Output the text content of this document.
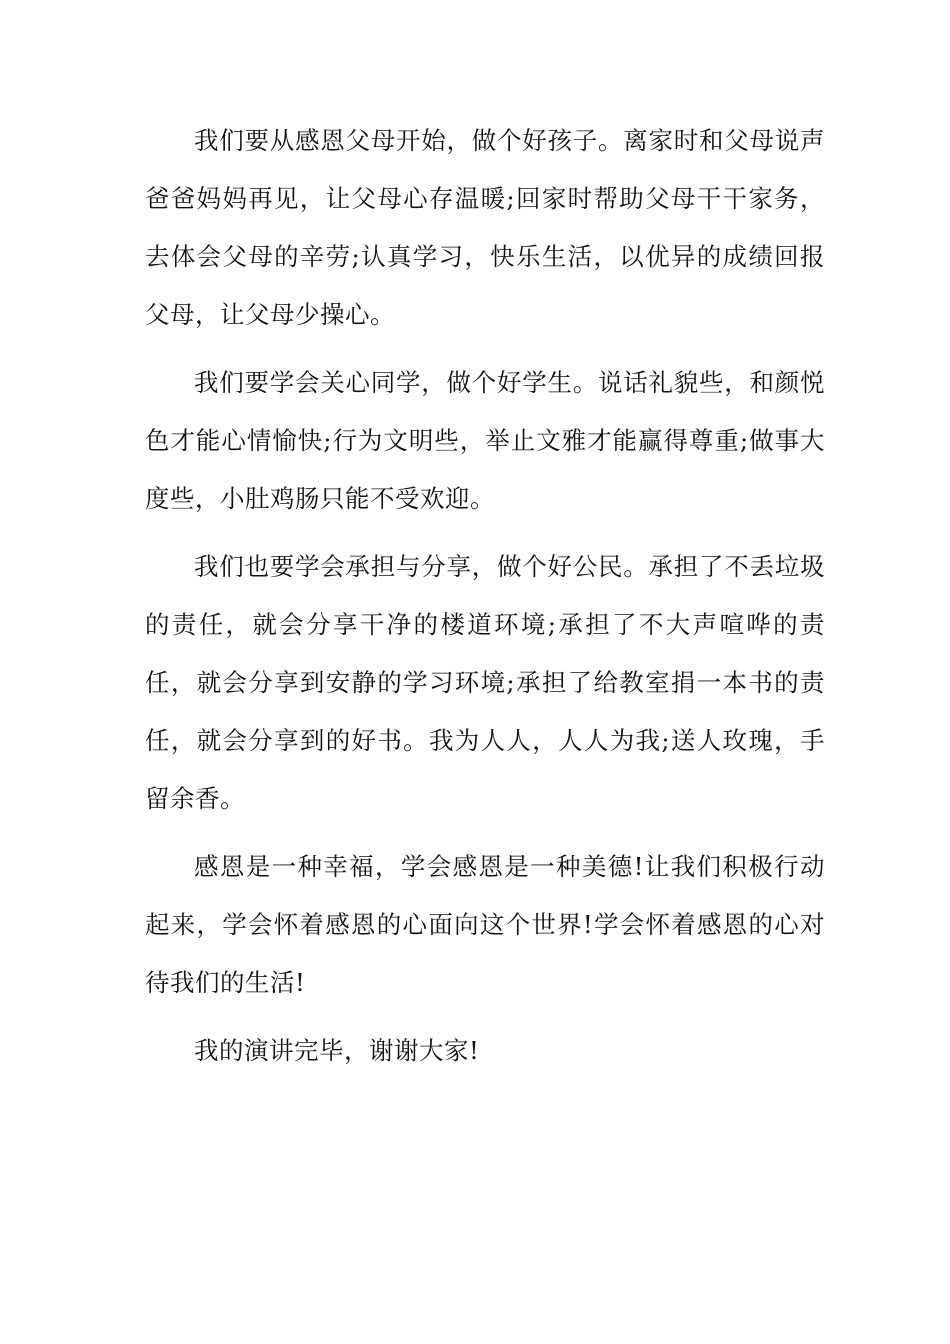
我们要从感恩父母开始，做个好孩子。离家时和父母说声爸爸妈妈再见，让父母心存温暖;回家时帮助父母干干家务，去体会父母的辛劳;认真学习，快乐生活，以优异的成绩回报父母，让父母少操心。

我们要学会关心同学，做个好学生。说话礼貌些，和颜悦色才能心情愉快;行为文明些，举止文雅才能赢得尊重;做事大度些，小肚鸡肠只能不受欢迎。

我们也要学会承担与分享，做个好公民。承担了不丢垃圾的责任，就会分享干净的楼道环境;承担了不大声喧哗的责任，就会分享到安静的学习环境;承担了给教室捐一本书的责任，就会分享到的好书。我为人人，人人为我;送人玫瑰，手留余香。

感恩是一种幸福，学会感恩是一种美德!让我们积极行动起来，学会怀着感恩的心面向这个世界!学会怀着感恩的心对待我们的生活!

我的演讲完毕，谢谢大家!
